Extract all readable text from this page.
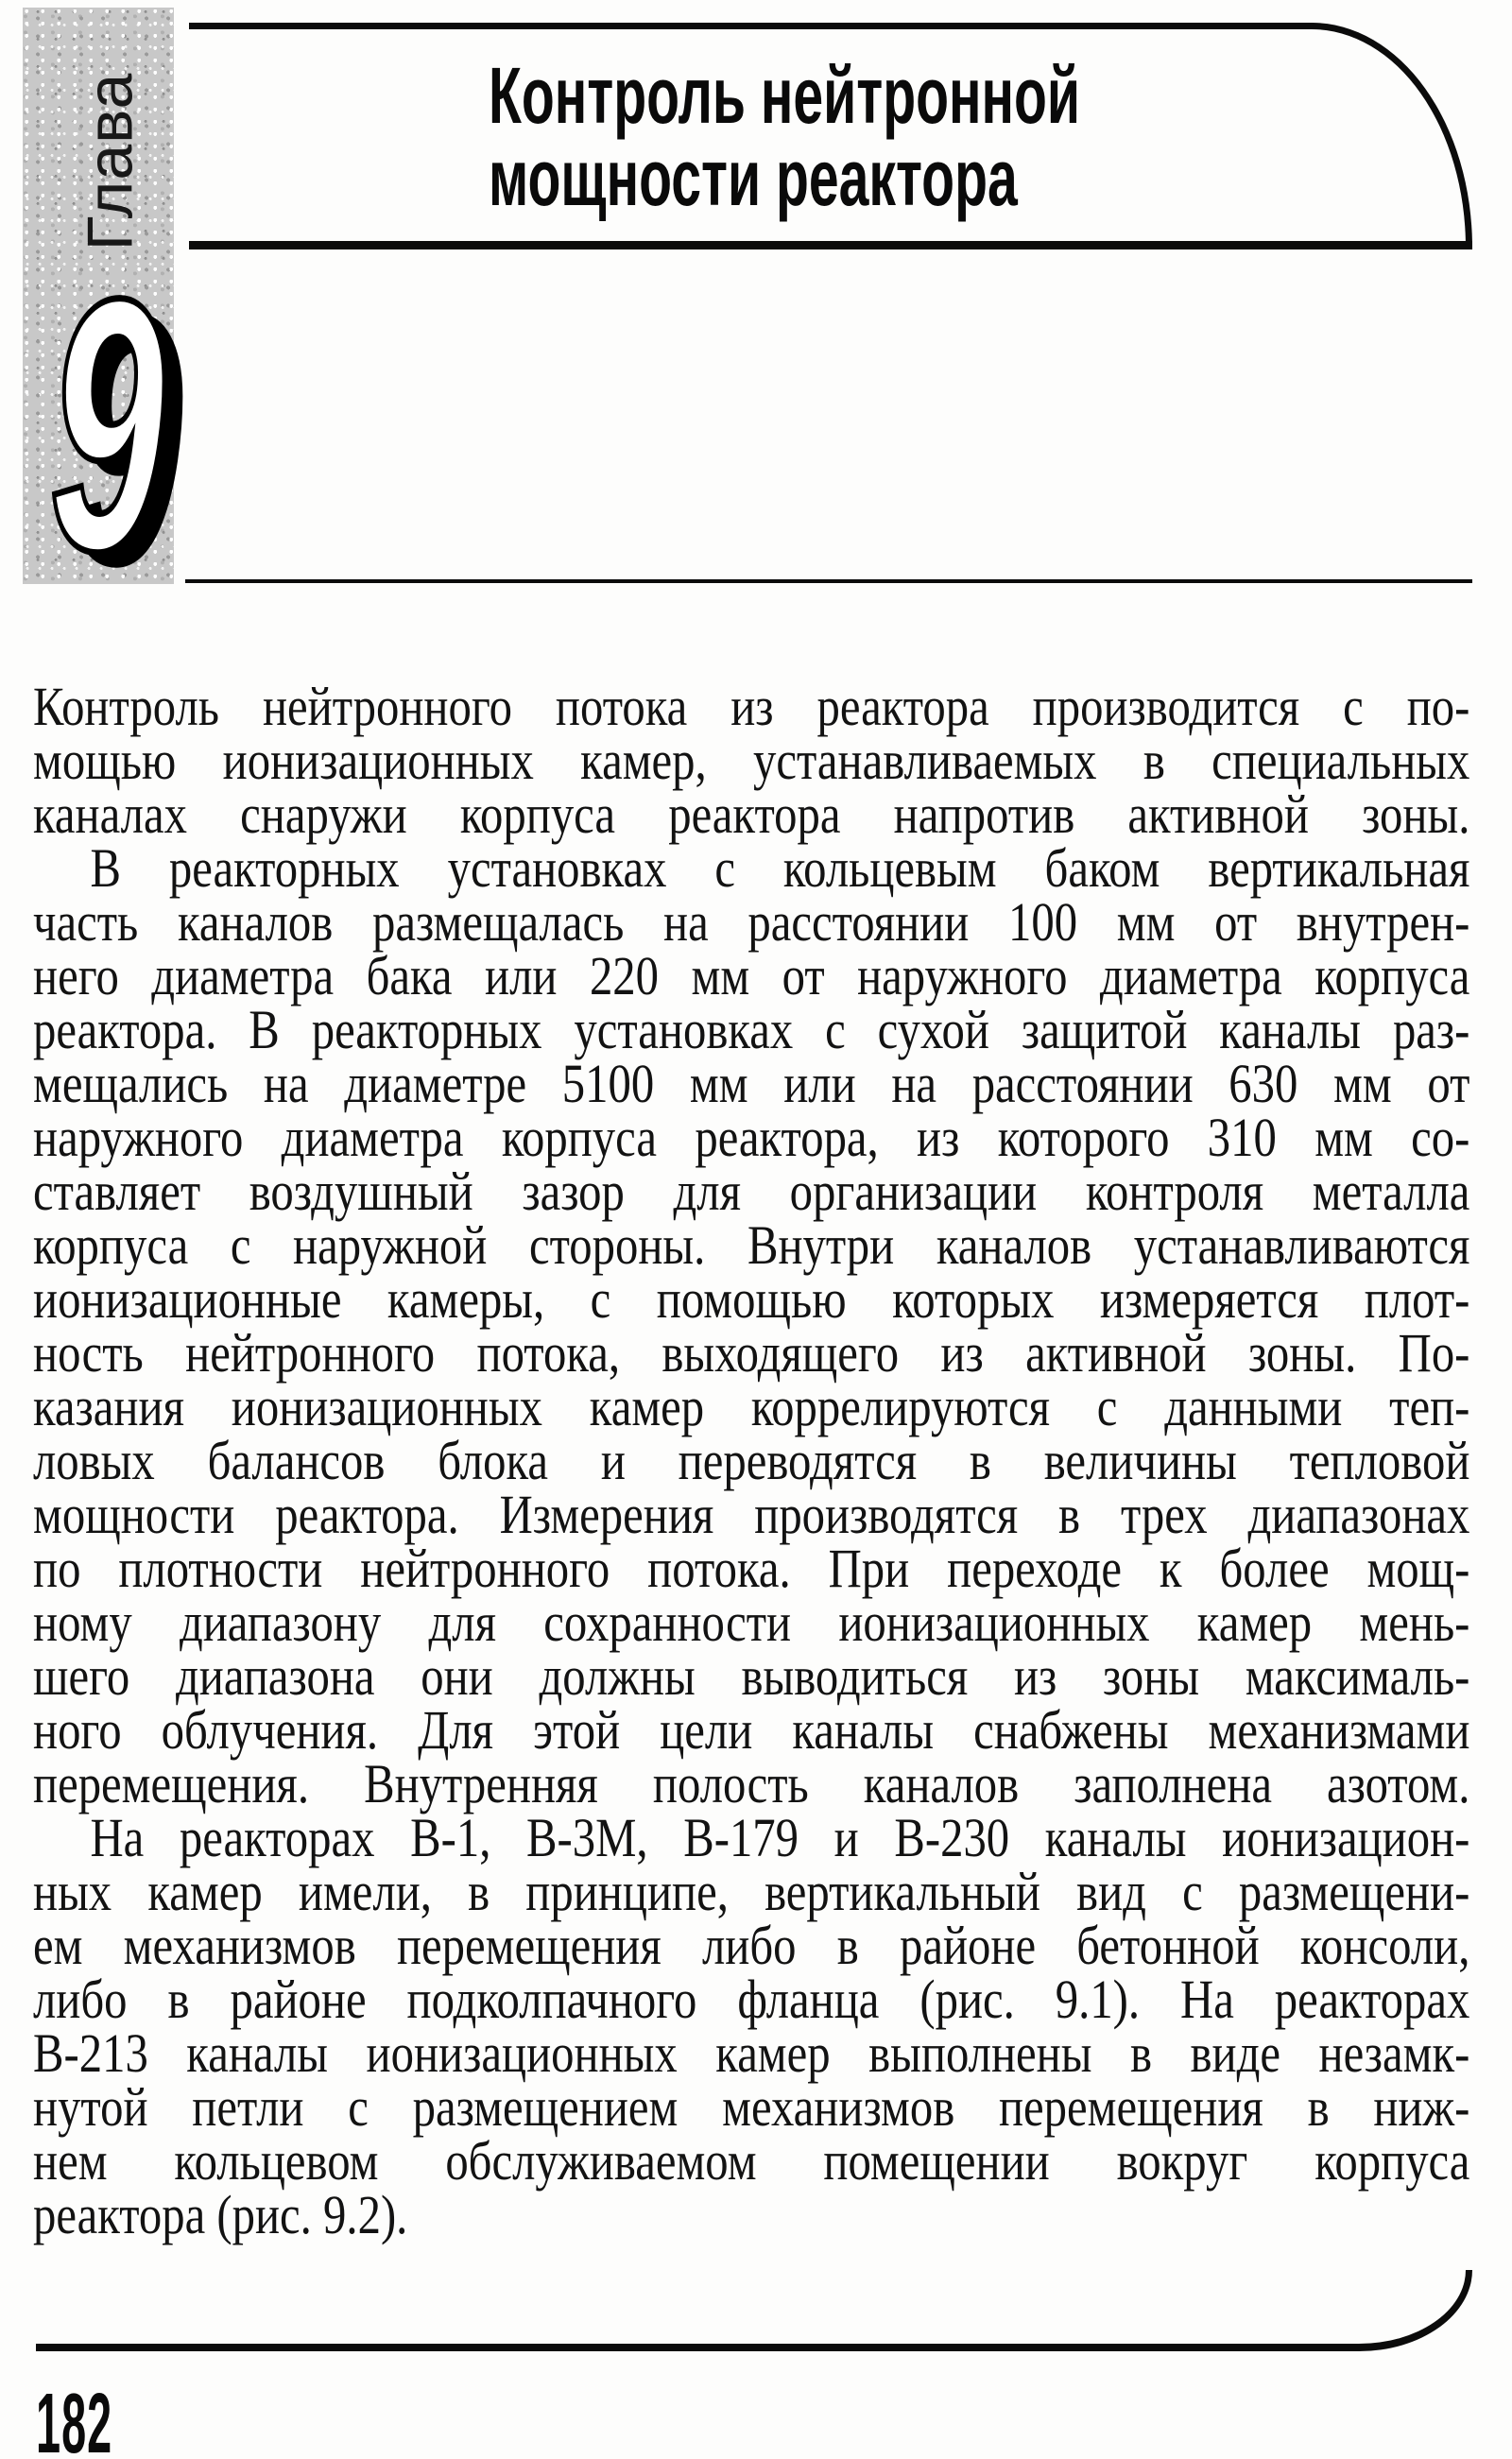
Глава
9
Контроль нейтронной
мощности реактора
Контроль нейтронного потока из реактора производится с по-
мощью ионизационных камер, устанавливаемых в специальных
каналах снаружи корпуса реактора напротив активной зоны.
В реакторных установках с кольцевым баком вертикальная
часть каналов размещалась на расстоянии 100 мм от внутрен-
него диаметра бака или 220 мм от наружного диаметра корпуса
реактора. В реакторных установках с сухой защитой каналы раз-
мещались на диаметре 5100 мм или на расстоянии 630 мм от
наружного диаметра корпуса реактора, из которого 310 мм со-
ставляет воздушный зазор для организации контроля металла
корпуса с наружной стороны. Внутри каналов устанавливаются
ионизационные камеры, с помощью которых измеряется плот-
ность нейтронного потока, выходящего из активной зоны. По-
казания ионизационных камер коррелируются с данными теп-
ловых балансов блока и переводятся в величины тепловой
мощности реактора. Измерения производятся в трех диапазонах
по плотности нейтронного потока. При переходе к более мощ-
ному диапазону для сохранности ионизационных камер мень-
шего диапазона они должны выводиться из зоны максималь-
ного облучения. Для этой цели каналы снабжены механизмами
перемещения. Внутренняя полость каналов заполнена азотом.
На реакторах В-1, В-3М, В-179 и В-230 каналы ионизацион-
ных камер имели, в принципе, вертикальный вид с размещени-
ем механизмов перемещения либо в районе бетонной консоли,
либо в районе подколпачного фланца (рис. 9.1). На реакторах
В-213 каналы ионизационных камер выполнены в виде незамк-
нутой петли с размещением механизмов перемещения в ниж-
нем кольцевом обслуживаемом помещении вокруг корпуса
реактора (рис. 9.2).
182
